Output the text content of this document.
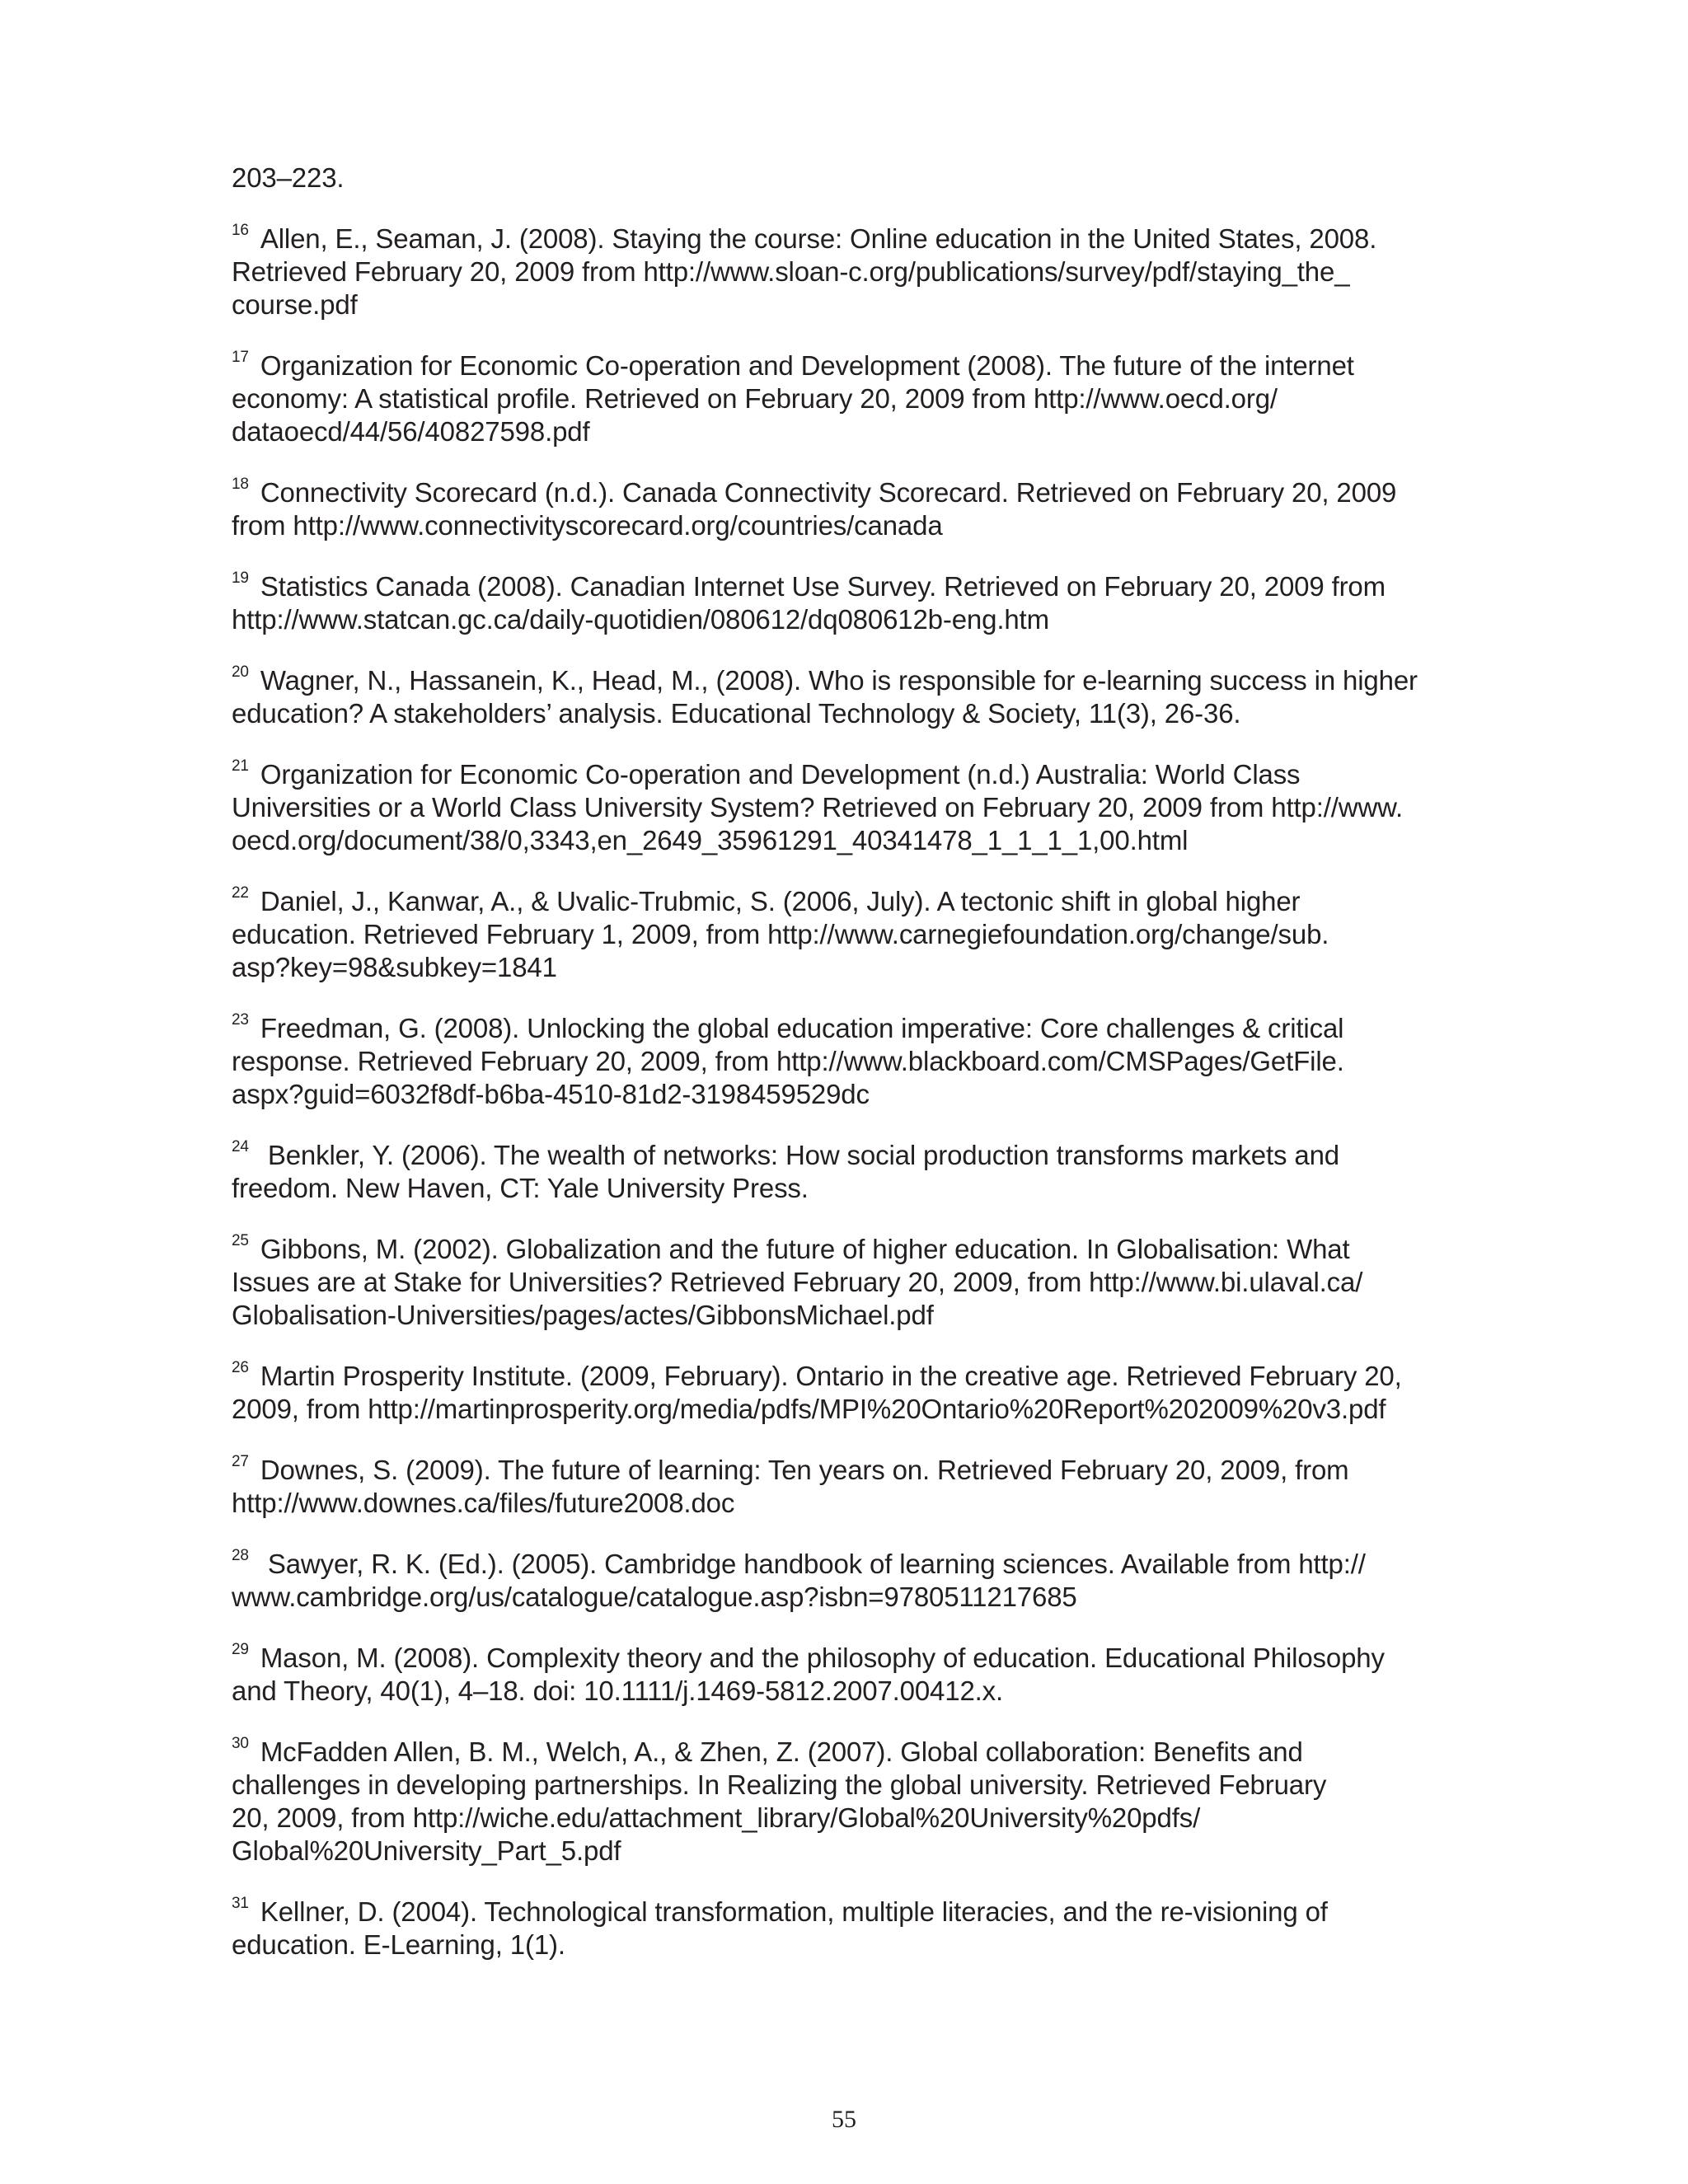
203–223.

$^{16}$ Allen, E., Seaman, J. (2008). Staying the course: Online education in the United States, 2008.
Retrieved February 20, 2009 from http://www.sloan-c.org/publications/survey/pdf/staying_the_
course.pdf

$^{17}$ Organization for Economic Co-operation and Development (2008). The future of the internet
economy: A statistical profile. Retrieved on February 20, 2009 from http://www.oecd.org/
dataoecd/44/56/40827598.pdf

$^{18}$ Connectivity Scorecard (n.d.). Canada Connectivity Scorecard. Retrieved on February 20, 2009
from http://www.connectivityscorecard.org/countries/canada

$^{19}$ Statistics Canada (2008). Canadian Internet Use Survey. Retrieved on February 20, 2009 from
http://www.statcan.gc.ca/daily-quotidien/080612/dq080612b-eng.htm

$^{20}$ Wagner, N., Hassanein, K., Head, M., (2008). Who is responsible for e-learning success in higher
education? A stakeholders’ analysis. Educational Technology & Society, 11(3), 26-36.

$^{21}$ Organization for Economic Co-operation and Development (n.d.) Australia: World Class
Universities or a World Class University System? Retrieved on February 20, 2009 from http://www.
oecd.org/document/38/0,3343,en_2649_35961291_40341478_1_1_1_1,00.html

$^{22}$ Daniel, J., Kanwar, A., & Uvalic-Trubmic, S. (2006, July). A tectonic shift in global higher
education. Retrieved February 1, 2009, from http://www.carnegiefoundation.org/change/sub.
asp?key=98&subkey=1841

$^{23}$ Freedman, G. (2008). Unlocking the global education imperative: Core challenges & critical
response. Retrieved February 20, 2009, from http://www.blackboard.com/CMSPages/GetFile.
aspx?guid=6032f8df-b6ba-4510-81d2-3198459529dc

$^{24}$ Benkler, Y. (2006). The wealth of networks: How social production transforms markets and
freedom. New Haven, CT: Yale University Press.

$^{25}$ Gibbons, M. (2002). Globalization and the future of higher education. In Globalisation: What
Issues are at Stake for Universities? Retrieved February 20, 2009, from http://www.bi.ulaval.ca/
Globalisation-Universities/pages/actes/GibbonsMichael.pdf

$^{26}$ Martin Prosperity Institute. (2009, February). Ontario in the creative age. Retrieved February 20,
2009, from http://martinprosperity.org/media/pdfs/MPI%20Ontario%20Report%202009%20v3.pdf

$^{27}$ Downes, S. (2009). The future of learning: Ten years on. Retrieved February 20, 2009, from
http://www.downes.ca/files/future2008.doc

$^{28}$ Sawyer, R. K. (Ed.). (2005). Cambridge handbook of learning sciences. Available from http://
www.cambridge.org/us/catalogue/catalogue.asp?isbn=9780511217685

$^{29}$ Mason, M. (2008). Complexity theory and the philosophy of education. Educational Philosophy
and Theory, 40(1), 4–18. doi: 10.1111/j.1469-5812.2007.00412.x.

$^{30}$ McFadden Allen, B. M., Welch, A., & Zhen, Z. (2007). Global collaboration: Benefits and
challenges in developing partnerships. In Realizing the global university. Retrieved February
20, 2009, from http://wiche.edu/attachment_library/Global%20University%20pdfs/
Global%20University_Part_5.pdf

$^{31}$ Kellner, D. (2004). Technological transformation, multiple literacies, and the re-visioning of
education. E-Learning, 1(1).

55
